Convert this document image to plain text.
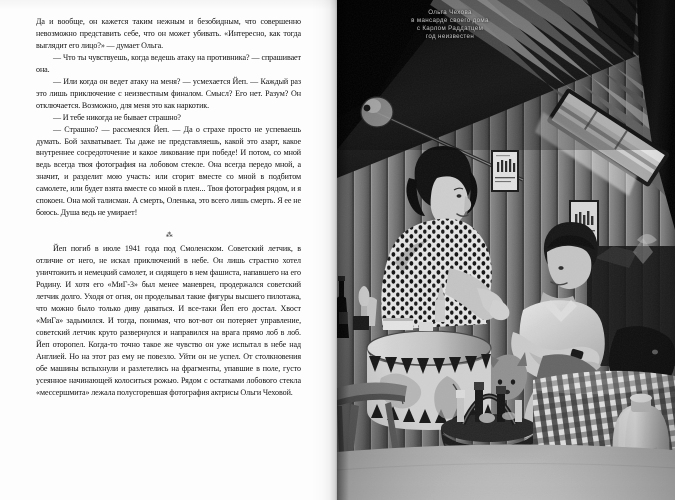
Да и вообще, он кажется таким нежным и безобидным, что совершенно невозможно представить себе, что он может убивать. «Интересно, как тогда выглядит его лицо?» — думает Ольга.

— Что ты чувствуешь, когда ведешь атаку на противника? — спрашивает она.

— Или когда он ведет атаку на меня? — усмехается Йеп. — Каждый раз это лишь приключение с неизвестным финалом. Смысл? Его нет. Разум? Он отключается. Возможно, для меня это как наркотик.

— И тебе никогда не бывает страшно?

— Страшно? — рассмеялся Йеп. — Да о страхе просто не успеваешь думать. Бой захватывает. Ты даже не представляешь, какой это азарт, какое внутреннее сосредоточение и какое ликование при победе! И потом, со мной ведь всегда твоя фотография на лобовом стекле. Она всегда передо мной, а значит, и разделит мою участь: или сгорит вместе со мной в подбитом самолете, или будет взята вместе со мной в плен... Твоя фотография рядом, и я спокоен. Она мой талисман. А смерть, Оленька, это всего лишь смерть. Я ее не боюсь. Душа ведь не умирает!

⁂

Йеп погиб в июле 1941 года под Смоленском. Советский летчик, в отличие от него, не искал приключений в небе. Он лишь страстно хотел уничтожить и немецкий самолет, и сидящего в нем фашиста, напавшего на его Родину. И хотя его «МиГ-3» был менее маневрен, продержался советский летчик долго. Уходя от огня, он проделывал такие фигуры высшего пилотажа, что можно было только диву даваться. И все-таки Йеп его достал. Хвост «МиГа» задымился. И тогда, понимая, что вот-вот он потеряет управление, советский летчик круто развернулся и направился на врага прямо лоб в лоб. Йеп оторопел. Когда-то точно такое же чувство он уже испытал в небе над Англией. Но на этот раз ему не повезло. Уйти он не успел. От столкновения обе машины вспыхнули и разлетелись на фрагменты, упавшие в поле, густо усеянное начинающей колоситься рожью. Рядом с остатками лобового стекла «мессершмита» лежала полусгоревшая фотография актрисы Ольги Чеховой.

Ольга Чехова
в мансарде своего дома
с Карлом Раддатцем
год неизвестен
